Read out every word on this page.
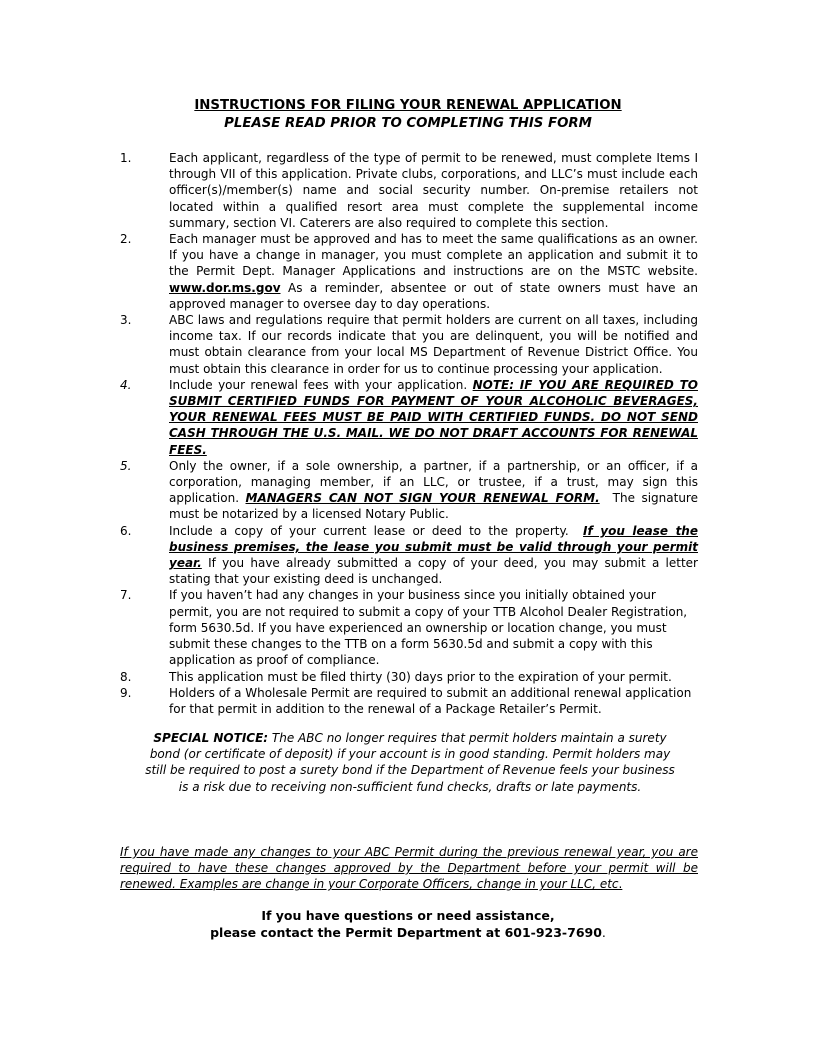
INSTRUCTIONS FOR FILING YOUR RENEWAL APPLICATION
PLEASE READ PRIOR TO COMPLETING THIS FORM
1.	Each applicant, regardless of the type of permit to be renewed, must complete Items I through VII of this application. Private clubs, corporations, and LLC’s must include each officer(s)/member(s) name and social security number. On-premise retailers not located within a qualified resort area must complete the supplemental income summary, section VI. Caterers are also required to complete this section.
2.	Each manager must be approved and has to meet the same qualifications as an owner. If you have a change in manager, you must complete an application and submit it to the Permit Dept. Manager Applications and instructions are on the MSTC website. www.dor.ms.gov As a reminder, absentee or out of state owners must have an approved manager to oversee day to day operations.
3.	ABC laws and regulations require that permit holders are current on all taxes, including income tax. If our records indicate that you are delinquent, you will be notified and must obtain clearance from your local MS Department of Revenue District Office. You must obtain this clearance in order for us to continue processing your application.
4.	Include your renewal fees with your application. NOTE: IF YOU ARE REQUIRED TO SUBMIT CERTIFIED FUNDS FOR PAYMENT OF YOUR ALCOHOLIC BEVERAGES, YOUR RENEWAL FEES MUST BE PAID WITH CERTIFIED FUNDS. DO NOT SEND CASH THROUGH THE U.S. MAIL. WE DO NOT DRAFT ACCOUNTS FOR RENEWAL FEES.
5.	Only the owner, if a sole ownership, a partner, if a partnership, or an officer, if a corporation, managing member, if an LLC, or trustee, if a trust, may sign this application. MANAGERS CAN NOT SIGN YOUR RENEWAL FORM. The signature must be notarized by a licensed Notary Public.
6.	Include a copy of your current lease or deed to the property. If you lease the business premises, the lease you submit must be valid through your permit year. If you have already submitted a copy of your deed, you may submit a letter stating that your existing deed is unchanged.
7.	If you haven’t had any changes in your business since you initially obtained your permit, you are not required to submit a copy of your TTB Alcohol Dealer Registration, form 5630.5d. If you have experienced an ownership or location change, you must submit these changes to the TTB on a form 5630.5d and submit a copy with this application as proof of compliance.
8.	This application must be filed thirty (30) days prior to the expiration of your permit.
9.	Holders of a Wholesale Permit are required to submit an additional renewal application for that permit in addition to the renewal of a Package Retailer’s Permit.
SPECIAL NOTICE: The ABC no longer requires that permit holders maintain a surety bond (or certificate of deposit) if your account is in good standing. Permit holders may still be required to post a surety bond if the Department of Revenue feels your business is a risk due to receiving non-sufficient fund checks, drafts or late payments.
If you have made any changes to your ABC Permit during the previous renewal year, you are required to have these changes approved by the Department before your permit will be renewed. Examples are change in your Corporate Officers, change in your LLC, etc.
If you have questions or need assistance,
please contact the Permit Department at 601-923-7690.
